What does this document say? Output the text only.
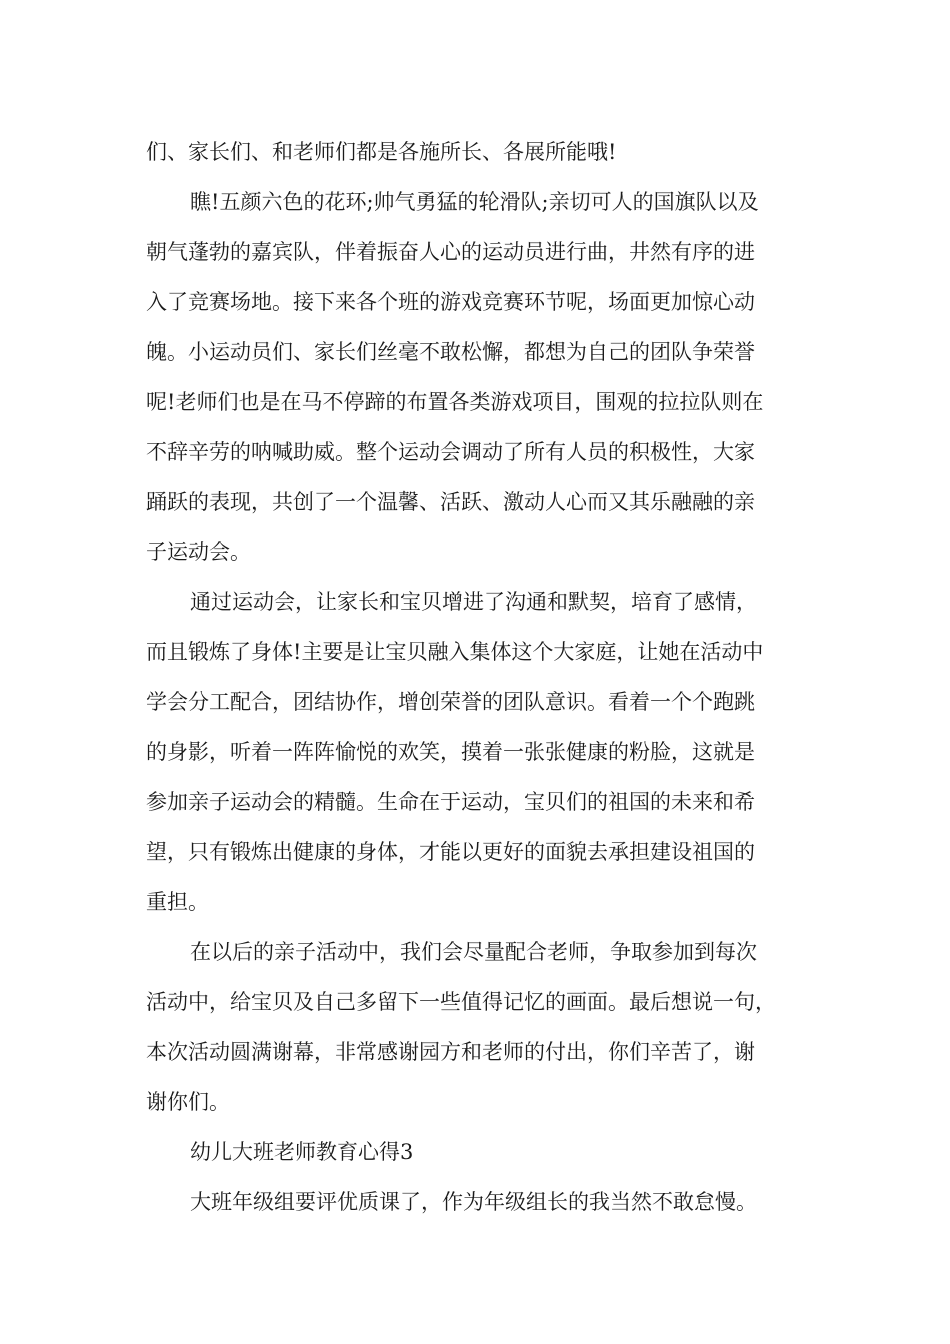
们、家长们、和老师们都是各施所长、各展所能哦!
瞧!五颜六色的花环;帅气勇猛的轮滑队;亲切可人的国旗队以及
朝气蓬勃的嘉宾队，伴着振奋人心的运动员进行曲，井然有序的进
入了竞赛场地。接下来各个班的游戏竞赛环节呢，场面更加惊心动
魄。小运动员们、家长们丝毫不敢松懈，都想为自己的团队争荣誉
呢!老师们也是在马不停蹄的布置各类游戏项目，围观的拉拉队则在
不辞辛劳的呐喊助威。整个运动会调动了所有人员的积极性，大家
踊跃的表现，共创了一个温馨、活跃、激动人心而又其乐融融的亲
子运动会。
通过运动会，让家长和宝贝增进了沟通和默契，培育了感情，
而且锻炼了身体!主要是让宝贝融入集体这个大家庭，让她在活动中
学会分工配合，团结协作，增创荣誉的团队意识。看着一个个跑跳
的身影，听着一阵阵愉悦的欢笑，摸着一张张健康的粉脸，这就是
参加亲子运动会的精髓。生命在于运动，宝贝们的祖国的未来和希
望，只有锻炼出健康的身体，才能以更好的面貌去承担建设祖国的
重担。
在以后的亲子活动中，我们会尽量配合老师，争取参加到每次
活动中，给宝贝及自己多留下一些值得记忆的画面。最后想说一句，
本次活动圆满谢幕，非常感谢园方和老师的付出，你们辛苦了，谢
谢你们。
幼儿大班老师教育心得3
大班年级组要评优质课了，作为年级组长的我当然不敢怠慢。
